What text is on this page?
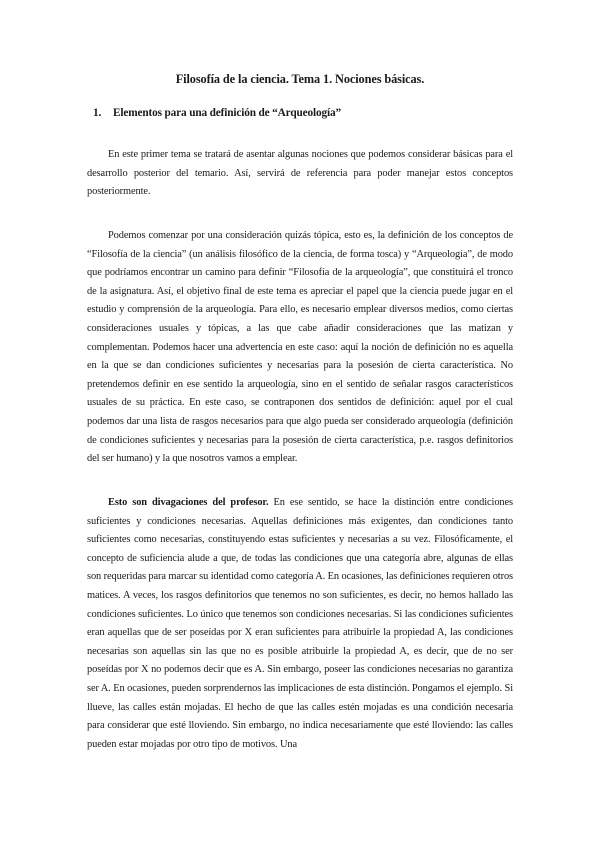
Filosofía de la ciencia. Tema 1. Nociones básicas.
1. Elementos para una definición de “Arqueología”

En este primer tema se tratará de asentar algunas nociones que podemos considerar básicas para el desarrollo posterior del temario. Así, servirá de referencia para poder manejar estos conceptos posteriormente.

Podemos comenzar por una consideración quizás tópica, esto es, la definición de los conceptos de “Filosofía de la ciencia” (un análisis filosófico de la ciencia, de forma tosca) y “Arqueología”, de modo que podríamos encontrar un camino para definir “Filosofía de la arqueología”, que constituirá el tronco de la asignatura. Así, el objetivo final de este tema es apreciar el papel que la ciencia puede jugar en el estudio y comprensión de la arqueología. Para ello, es necesario emplear diversos medios, como ciertas consideraciones usuales y tópicas, a las que cabe añadir consideraciones que las matizan y complementan. Podemos hacer una advertencia en este caso: aquí la noción de definición no es aquella en la que se dan condiciones suficientes y necesarias para la posesión de cierta característica. No pretendemos definir en ese sentido la arqueología, sino en el sentido de señalar rasgos característicos usuales de su práctica. En este caso, se contraponen dos sentidos de definición: aquel por el cual podemos dar una lista de rasgos necesarios para que algo pueda ser considerado arqueología (definición de condiciones suficientes y necesarias para la posesión de cierta característica, p.e. rasgos definitorios del ser humano) y la que nosotros vamos a emplear.

Esto son divagaciones del profesor. En ese sentido, se hace la distinción entre condiciones suficientes y condiciones necesarias. Aquellas definiciones más exigentes, dan condiciones tanto suficientes como necesarias, constituyendo estas suficientes y necesarias a su vez. Filosóficamente, el concepto de suficiencia alude a que, de todas las condiciones que una categoría abre, algunas de ellas son requeridas para marcar su identidad como categoría A. En ocasiones, las definiciones requieren otros matices. A veces, los rasgos definitorios que tenemos no son suficientes, es decir, no hemos hallado las condiciones suficientes. Lo único que tenemos son condiciones necesarias. Si las condiciones suficientes eran aquellas que de ser poseídas por X eran suficientes para atribuirle la propiedad A, las condiciones necesarias son aquellas sin las que no es posible atribuirle la propiedad A, es decir, que de no ser poseídas por X no podemos decir que es A. Sin embargo, poseer las condiciones necesarias no garantiza ser A. En ocasiones, pueden sorprendernos las implicaciones de esta distinción. Pongamos el ejemplo. Si llueve, las calles están mojadas. El hecho de que las calles estén mojadas es una condición necesaria para considerar que esté lloviendo. Sin embargo, no indica necesariamente que esté lloviendo: las calles pueden estar mojadas por otro tipo de motivos. Una
